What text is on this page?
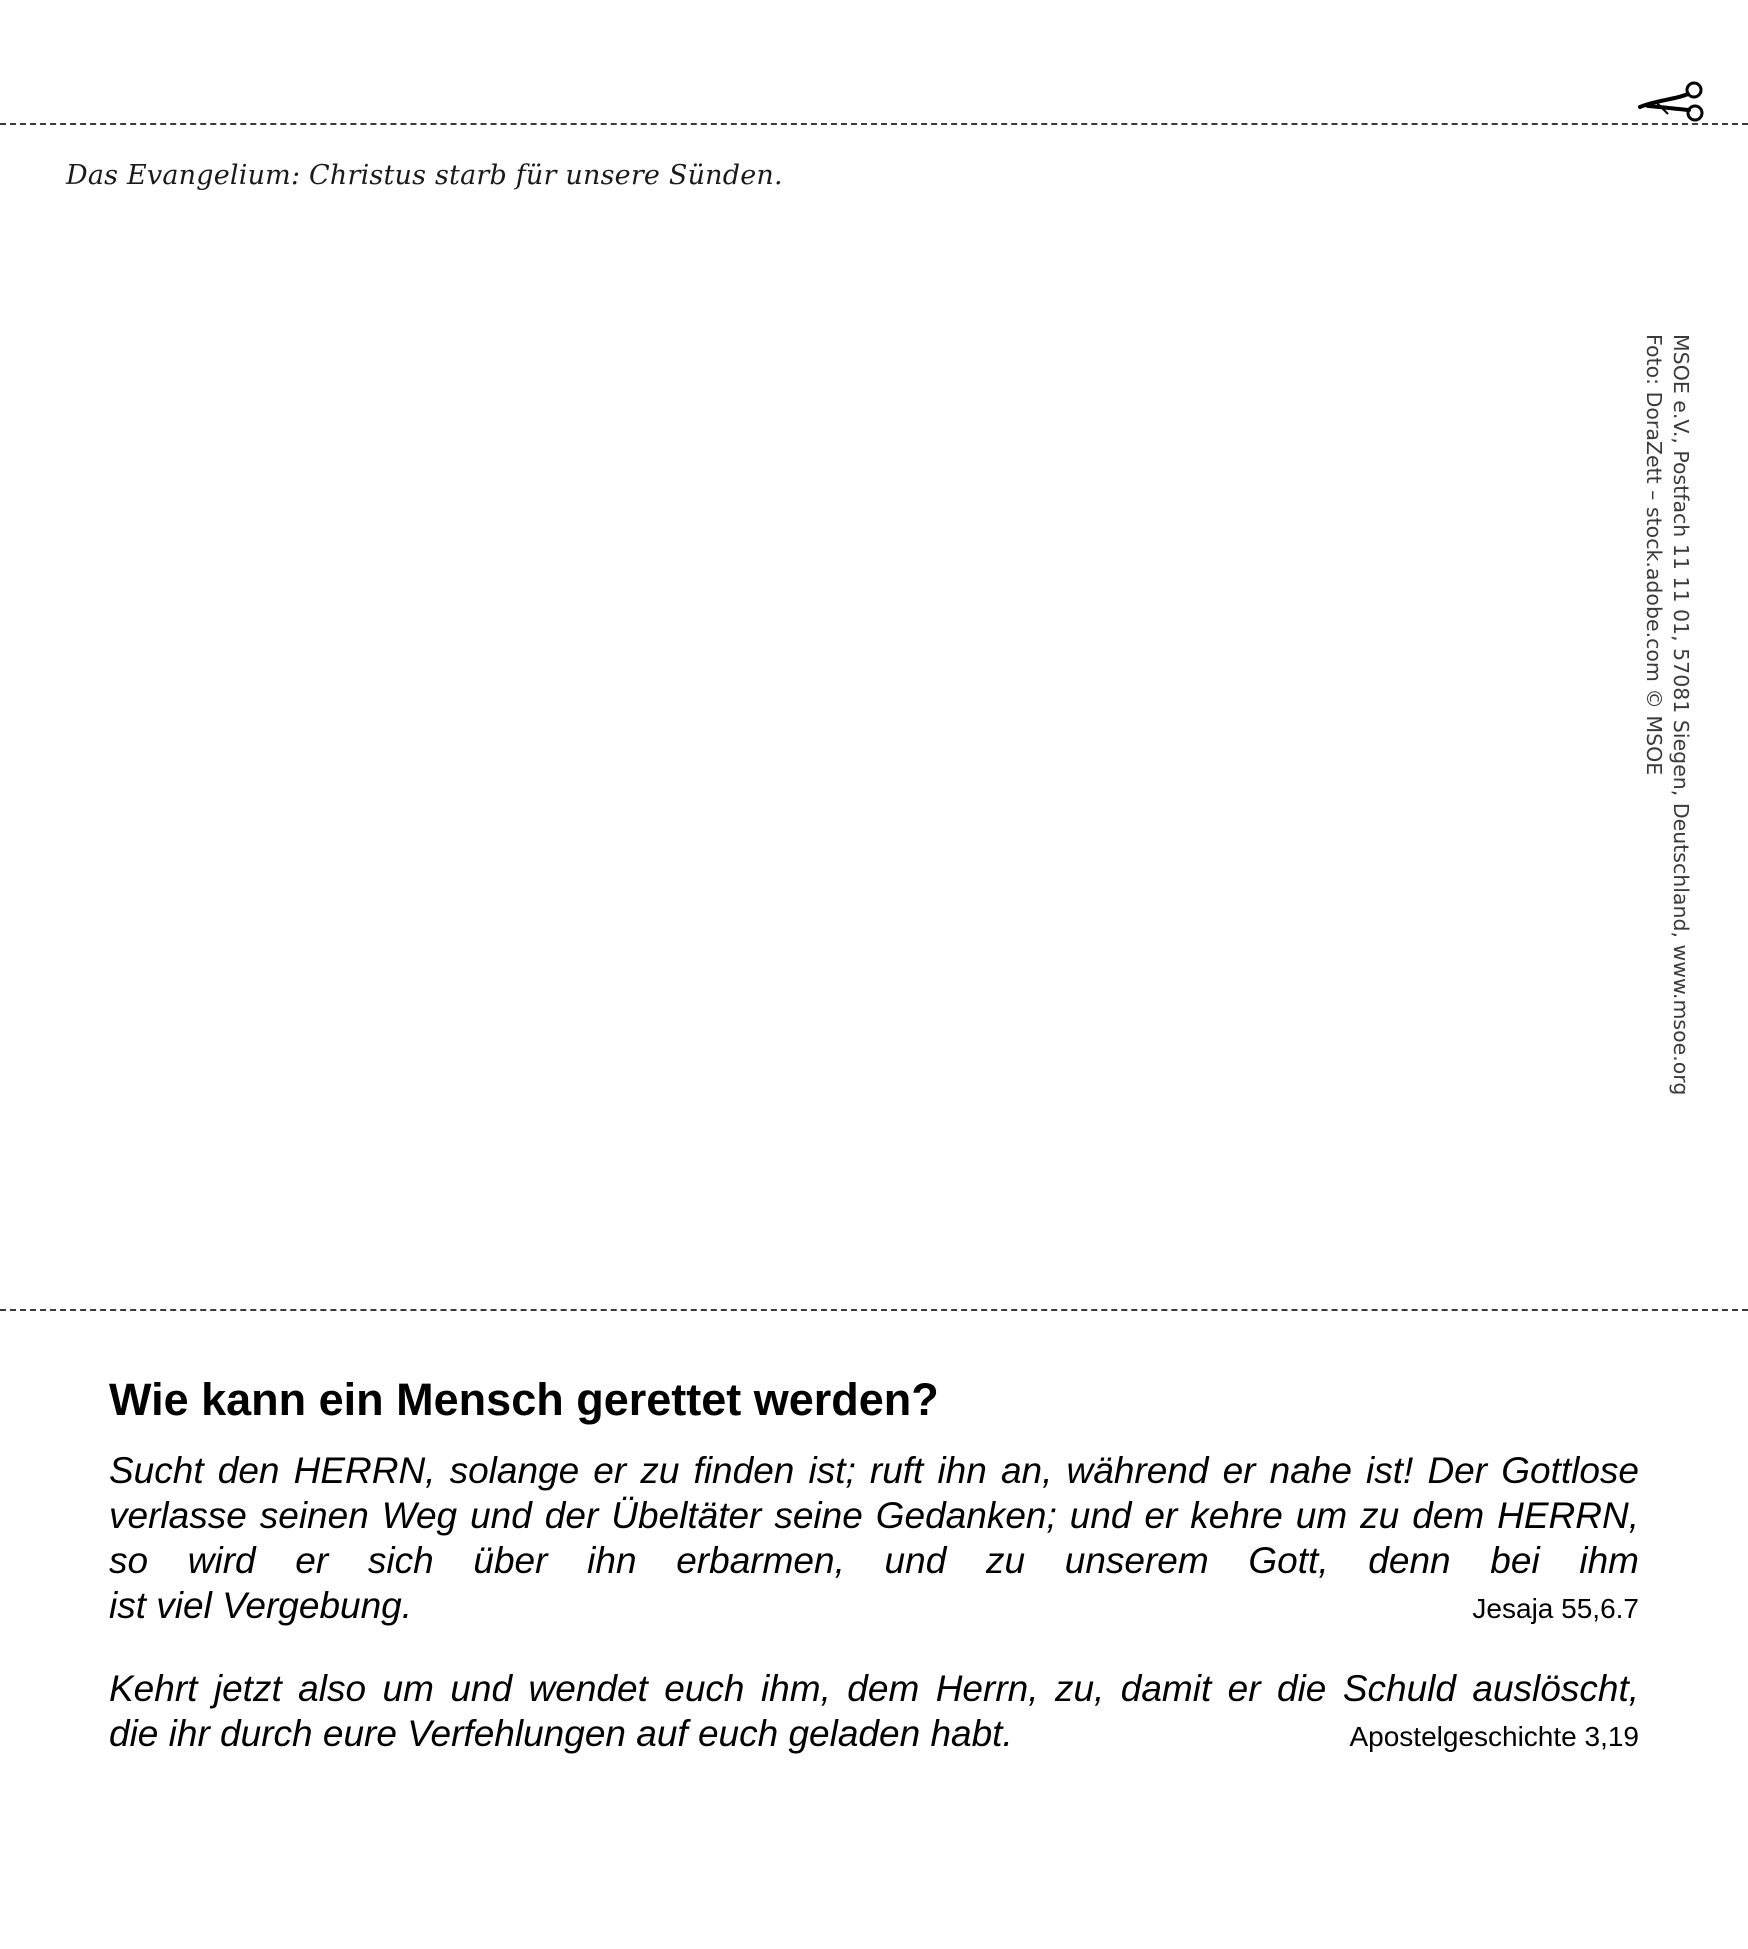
Das Evangelium: Christus starb für unsere Sünden.
MSOE e.V., Postfach 11 11 01, 57081 Siegen, Deutschland, www.msoe.org
Foto: DoraZett – stock.adobe.com © MSOE
Wie kann ein Mensch gerettet werden?
Sucht den HERRN, solange er zu finden ist; ruft ihn an, während er nahe ist! Der Gottlose verlasse seinen Weg und der Übeltäter seine Gedanken; und er kehre um zu dem HERRN, so wird er sich über ihn erbarmen, und zu unserem Gott, denn bei ihm
ist viel Vergebung.	Jesaja 55,6.7
Kehrt jetzt also um und wendet euch ihm, dem Herrn, zu, damit er die Schuld auslöscht,
die ihr durch eure Verfehlungen auf euch geladen habt.	Apostelgeschichte 3,19
